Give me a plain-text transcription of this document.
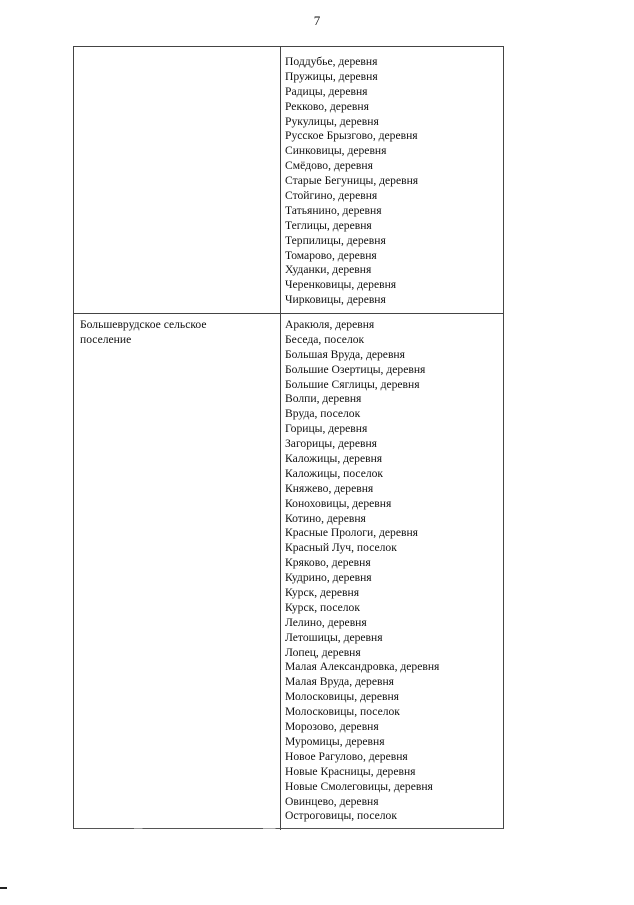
7
Поддубье, деревня
Пружицы, деревня
Радицы, деревня
Рекково, деревня
Рукулицы, деревня
Русское Брызгово, деревня
Синковицы, деревня
Смёдово, деревня
Старые Бегуницы, деревня
Стойгино, деревня
Татьянино, деревня
Теглицы, деревня
Терпилицы, деревня
Томарово, деревня
Худанки, деревня
Черенковицы, деревня
Чирковицы, деревня
Большеврудское сельское
поселение
Аракюля, деревня
Беседа, поселок
Большая Вруда, деревня
Большие Озертицы, деревня
Большие Сяглицы, деревня
Волпи, деревня
Вруда, поселок
Горицы, деревня
Загорицы, деревня
Каложицы, деревня
Каложицы, поселок
Княжево, деревня
Коноховицы, деревня
Котино, деревня
Красные Прологи, деревня
Красный Луч, поселок
Кряково, деревня
Кудрино, деревня
Курск, деревня
Курск, поселок
Лелино, деревня
Летошицы, деревня
Лопец, деревня
Малая Александровка, деревня
Малая Вруда, деревня
Молосковицы, деревня
Молосковицы, поселок
Морозово, деревня
Муромицы, деревня
Новое Рагулово, деревня
Новые Красницы, деревня
Новые Смолеговицы, деревня
Овинцево, деревня
Остроговицы, поселок
